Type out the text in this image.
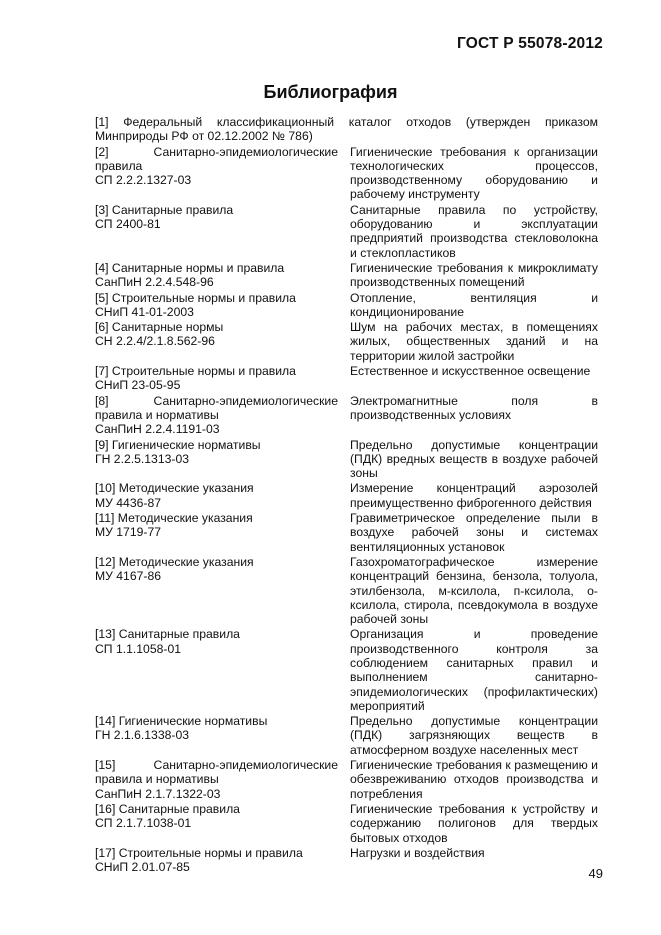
ГОСТ Р 55078-2012
Библиография
[1] Федеральный классификационный каталог отходов (утвержден приказом Минприроды РФ от 02.12.2002 № 786)
[2] Санитарно-эпидемиологические правила
СП 2.2.2.1327-03
Гигиенические требования к организации технологических процессов, производственному оборудованию и рабочему инструменту
[3] Санитарные правила
СП 2400-81
Санитарные правила по устройству, оборудованию и эксплуатации предприятий производства стекловолокна и стеклопластиков
[4] Санитарные нормы и правила
СанПиН 2.2.4.548-96
Гигиенические требования к микроклимату производственных помещений
[5] Строительные нормы и правила
СНиП 41-01-2003
Отопление, вентиляция и кондиционирование
[6] Санитарные нормы
СН 2.2.4/2.1.8.562-96
Шум на рабочих местах, в помещениях жилых, общественных зданий и на территории жилой застройки
[7] Строительные нормы и правила
СНиП 23-05-95
Естественное и искусственное освещение
[8] Санитарно-эпидемиологические правила и нормативы
СанПиН 2.2.4.1191-03
Электромагнитные поля в производственных условиях
[9] Гигиенические нормативы
ГН 2.2.5.1313-03
Предельно допустимые концентрации (ПДК) вредных веществ в воздухе рабочей зоны
[10] Методические указания
МУ 4436-87
Измерение концентраций аэрозолей преимущественно фиброгенного действия
[11] Методические указания
МУ 1719-77
Гравиметрическое определение пыли в воздухе рабочей зоны и системах вентиляционных установок
[12] Методические указания
МУ 4167-86
Газохроматографическое измерение концентраций бензина, бензола, толуола, этилбензола, м-ксилола, п-ксилола, о-ксилола, стирола, псевдокумола в воздухе рабочей зоны
[13] Санитарные правила
СП 1.1.1058-01
Организация и проведение производственного контроля за соблюдением санитарных правил и выполнением санитарно-эпидемиологических (профилактических) мероприятий
[14] Гигиенические нормативы
ГН 2.1.6.1338-03
Предельно допустимые концентрации (ПДК) загрязняющих веществ в атмосферном воздухе населенных мест
[15] Санитарно-эпидемиологические правила и нормативы
СанПиН 2.1.7.1322-03
Гигиенические требования к размещению и обезвреживанию отходов производства и потребления
[16] Санитарные правила
СП 2.1.7.1038-01
Гигиенические требования к устройству и содержанию полигонов для твердых бытовых отходов
[17] Строительные нормы и правила
СНиП 2.01.07-85
Нагрузки и воздействия
49
